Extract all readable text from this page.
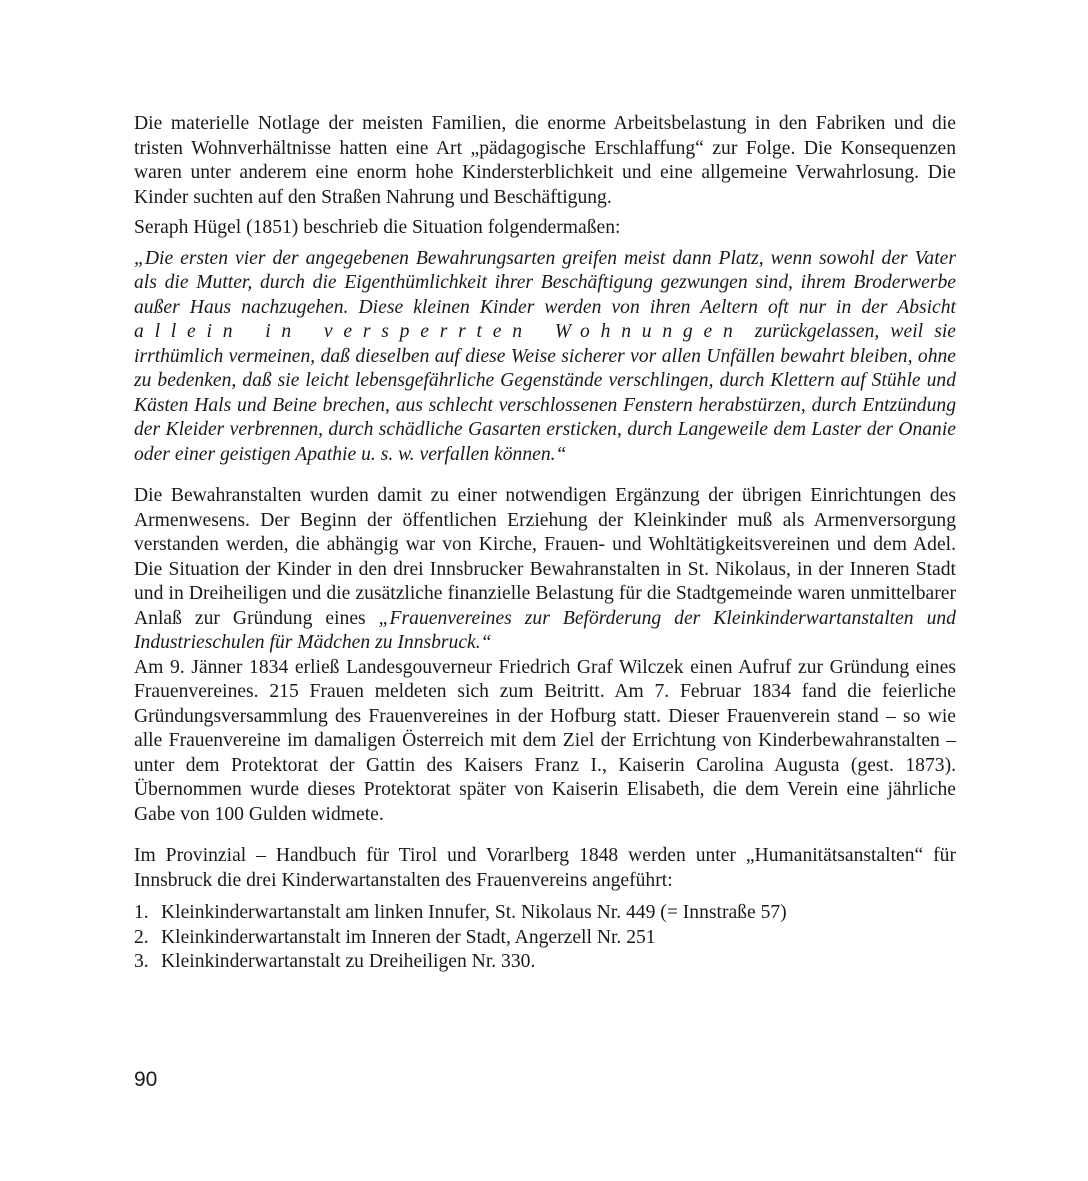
Die materielle Notlage der meisten Familien, die enorme Arbeitsbelastung in den Fabriken und die tristen Wohnverhältnisse hatten eine Art „pädagogische Erschlaffung“ zur Folge. Die Konsequenzen waren unter anderem eine enorm hohe Kindersterblichkeit und eine allgemeine Verwahrlosung. Die Kinder suchten auf den Straßen Nahrung und Beschäftigung.

Seraph Hügel (1851) beschrieb die Situation folgendermaßen:

„Die ersten vier der angegebenen Bewahrungsarten greifen meist dann Platz, wenn sowohl der Vater als die Mutter, durch die Eigenthümlichkeit ihrer Beschäftigung gezwungen sind, ihrem Broderwerbe außer Haus nachzugehen. Diese kleinen Kinder werden von ihren Aeltern oft nur in der Absicht allein in versperrten Wohnungen zurückgelassen, weil sie irrthümlich vermeinen, daß dieselben auf diese Weise sicherer vor allen Unfällen bewahrt bleiben, ohne zu bedenken, daß sie leicht lebensgefährliche Gegenstände verschlingen, durch Klettern auf Stühle und Kästen Hals und Beine brechen, aus schlecht verschlossenen Fenstern herabstürzen, durch Entzündung der Kleider verbrennen, durch schädliche Gasarten ersticken, durch Langeweile dem Laster der Onanie oder einer geistigen Apathie u. s. w. verfallen können.“

Die Bewahranstalten wurden damit zu einer notwendigen Ergänzung der übrigen Einrichtungen des Armenwesens. Der Beginn der öffentlichen Erziehung der Kleinkinder muß als Armenversorgung verstanden werden, die abhängig war von Kirche, Frauen- und Wohltätigkeitsvereinen und dem Adel. Die Situation der Kinder in den drei Innsbrucker Bewahranstalten in St. Nikolaus, in der Inneren Stadt und in Dreiheiligen und die zusätzliche finanzielle Belastung für die Stadtgemeinde waren unmittelbarer Anlaß zur Gründung eines „Frauenvereines zur Beförderung der Kleinkinderwartanstalten und Industrieschulen für Mädchen zu Innsbruck.“
Am 9. Jänner 1834 erließ Landesgouverneur Friedrich Graf Wilczek einen Aufruf zur Gründung eines Frauenvereines. 215 Frauen meldeten sich zum Beitritt. Am 7. Februar 1834 fand die feierliche Gründungsversammlung des Frauenvereines in der Hofburg statt. Dieser Frauenverein stand – so wie alle Frauenvereine im damaligen Österreich mit dem Ziel der Errichtung von Kinderbewahranstalten – unter dem Protektorat der Gattin des Kaisers Franz I., Kaiserin Carolina Augusta (gest. 1873). Übernommen wurde dieses Protektorat später von Kaiserin Elisabeth, die dem Verein eine jährliche Gabe von 100 Gulden widmete.

Im Provinzial – Handbuch für Tirol und Vorarlberg 1848 werden unter „Humanitätsanstalten“ für Innsbruck die drei Kinderwartanstalten des Frauenvereins angeführt:

1. Kleinkinderwartanstalt am linken Innufer, St. Nikolaus Nr. 449 (= Innstraße 57)
2. Kleinkinderwartanstalt im Inneren der Stadt, Angerzell Nr. 251
3. Kleinkinderwartanstalt zu Dreiheiligen Nr. 330.
90
